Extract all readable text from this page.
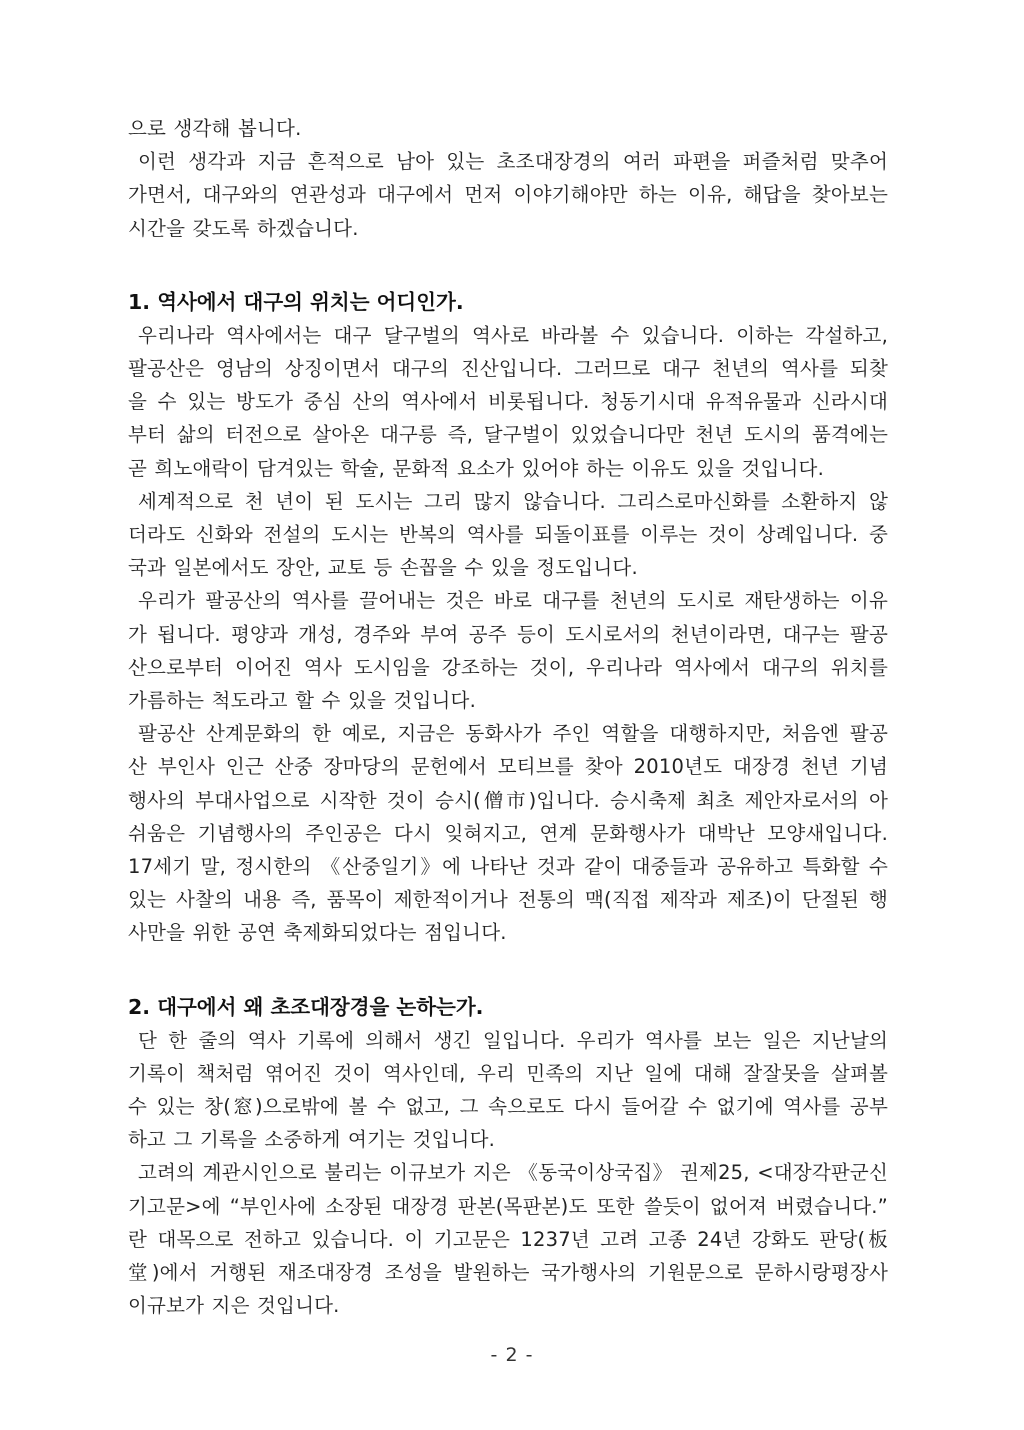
으로 생각해 봅니다.
이런 생각과 지금 흔적으로 남아 있는 초조대장경의 여러 파편을 퍼즐처럼 맞추어
가면서, 대구와의 연관성과 대구에서 먼저 이야기해야만 하는 이유, 해답을 찾아보는
시간을 갖도록 하겠습니다.
1. 역사에서 대구의 위치는 어디인가.
우리나라 역사에서는 대구 달구벌의 역사로 바라볼 수 있습니다. 이하는 각설하고,
팔공산은 영남의 상징이면서 대구의 진산입니다. 그러므로 대구 천년의 역사를 되찾
을 수 있는 방도가 중심 산의 역사에서 비롯됩니다. 청동기시대 유적유물과 신라시대
부터 삶의 터전으로 살아온 대구릉 즉, 달구벌이 있었습니다만 천년 도시의 품격에는
곧 희노애락이 담겨있는 학술, 문화적 요소가 있어야 하는 이유도 있을 것입니다.
세계적으로 천 년이 된 도시는 그리 많지 않습니다. 그리스로마신화를 소환하지 않
더라도 신화와 전설의 도시는 반복의 역사를 되돌이표를 이루는 것이 상례입니다. 중
국과 일본에서도 장안, 교토 등 손꼽을 수 있을 정도입니다.
우리가 팔공산의 역사를 끌어내는 것은 바로 대구를 천년의 도시로 재탄생하는 이유
가 됩니다. 평양과 개성, 경주와 부여 공주 등이 도시로서의 천년이라면, 대구는 팔공
산으로부터 이어진 역사 도시임을 강조하는 것이, 우리나라 역사에서 대구의 위치를
가름하는 척도라고 할 수 있을 것입니다.
팔공산 산계문화의 한 예로, 지금은 동화사가 주인 역할을 대행하지만, 처음엔 팔공
산 부인사 인근 산중 장마당의 문헌에서 모티브를 찾아 2010년도 대장경 천년 기념
행사의 부대사업으로 시작한 것이 승시(僧市)입니다. 승시축제 최초 제안자로서의 아
쉬움은 기념행사의 주인공은 다시 잊혀지고, 연계 문화행사가 대박난 모양새입니다.
17세기 말, 정시한의 《산중일기》에 나타난 것과 같이 대중들과 공유하고 특화할 수
있는 사찰의 내용 즉, 품목이 제한적이거나 전통의 맥(직접 제작과 제조)이 단절된 행
사만을 위한 공연 축제화되었다는 점입니다.
2. 대구에서 왜 초조대장경을 논하는가.
단 한 줄의 역사 기록에 의해서 생긴 일입니다. 우리가 역사를 보는 일은 지난날의
기록이 책처럼 엮어진 것이 역사인데, 우리 민족의 지난 일에 대해 잘잘못을 살펴볼
수 있는 창(窓)으로밖에 볼 수 없고, 그 속으로도 다시 들어갈 수 없기에 역사를 공부
하고 그 기록을 소중하게 여기는 것입니다.
고려의 계관시인으로 불리는 이규보가 지은 《동국이상국집》 권제25, <대장각판군신
기고문>에 “부인사에 소장된 대장경 판본(목판본)도 또한 쓸듯이 없어져 버렸습니다.”
란 대목으로 전하고 있습니다. 이 기고문은 1237년 고려 고종 24년 강화도 판당(板
堂)에서 거행된 재조대장경 조성을 발원하는 국가행사의 기원문으로 문하시랑평장사
이규보가 지은 것입니다.
- 2 -
